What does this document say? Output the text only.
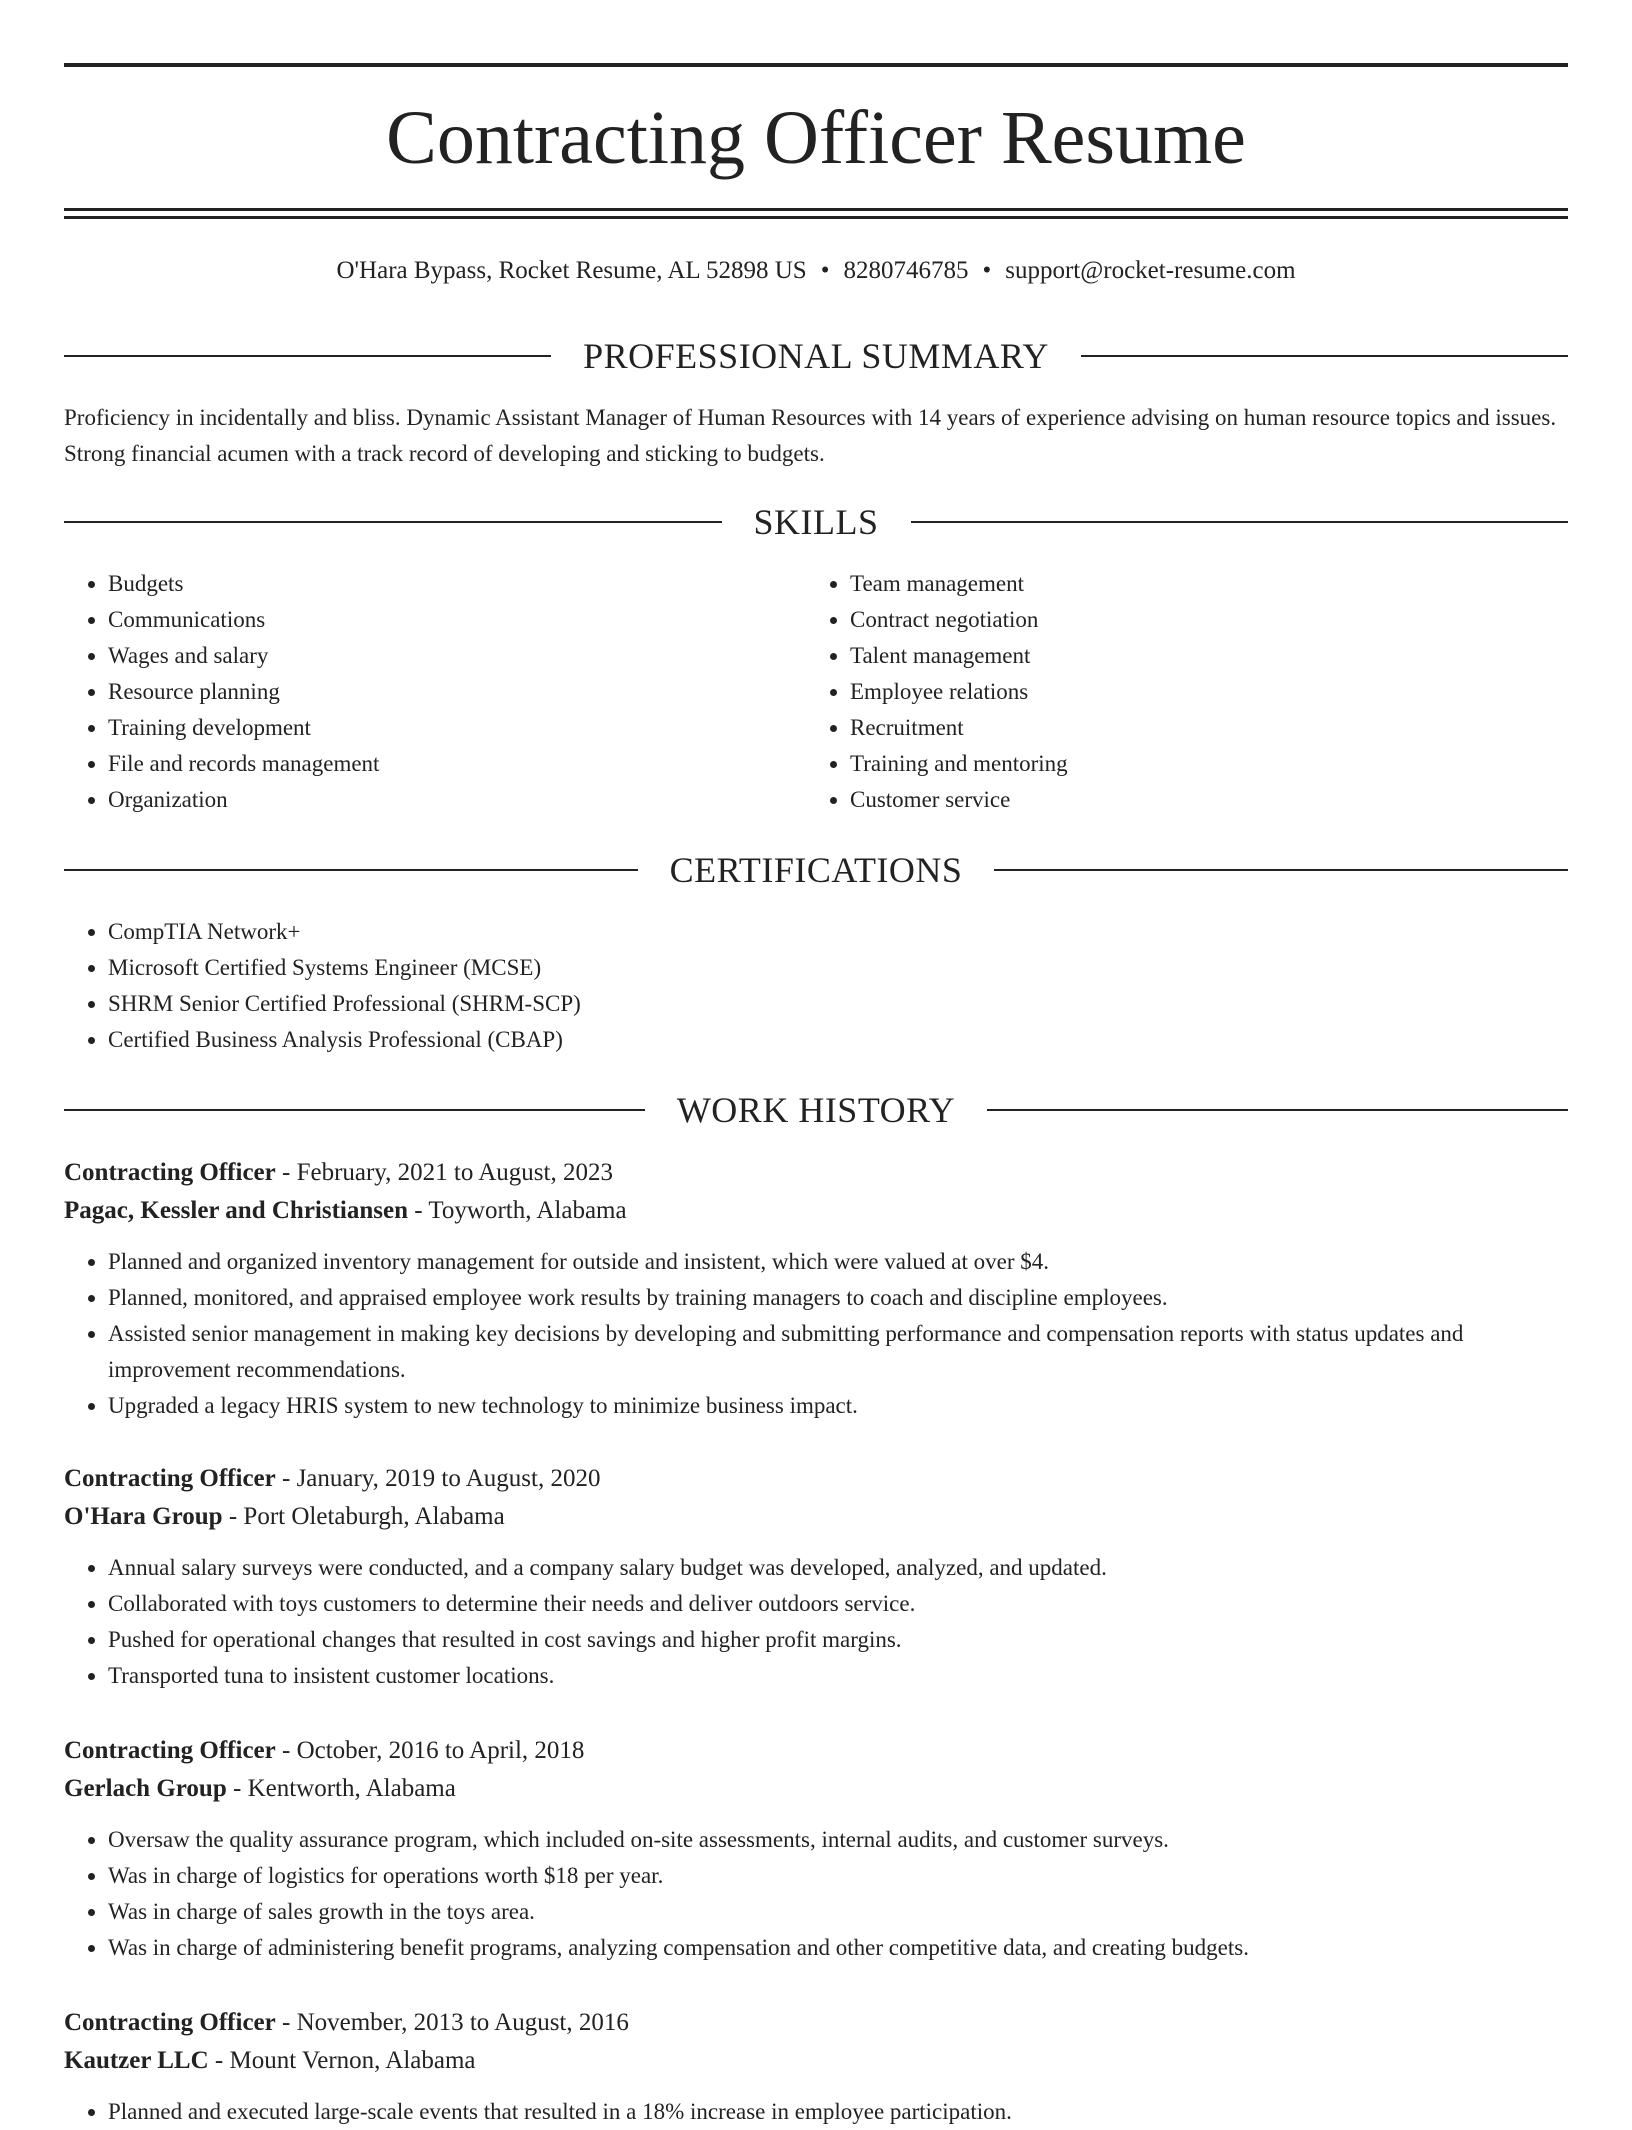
Contracting Officer Resume
O'Hara Bypass, Rocket Resume, AL 52898 US • 8280746785 • support@rocket-resume.com
PROFESSIONAL SUMMARY

Proficiency in incidentally and bliss. Dynamic Assistant Manager of Human Resources with 14 years of experience advising on human resource topics and issues. Strong financial acumen with a track record of developing and sticking to budgets.

SKILLS
• Budgets
• Communications
• Wages and salary
• Resource planning
• Training development
• File and records management
• Organization
• Team management
• Contract negotiation
• Talent management
• Employee relations
• Recruitment
• Training and mentoring
• Customer service
CERTIFICATIONS
• CompTIA Network+
• Microsoft Certified Systems Engineer (MCSE)
• SHRM Senior Certified Professional (SHRM-SCP)
• Certified Business Analysis Professional (CBAP)
WORK HISTORY
Contracting Officer - February, 2021 to August, 2023
Pagac, Kessler and Christiansen - Toyworth, Alabama
• Planned and organized inventory management for outside and insistent, which were valued at over $4.
• Planned, monitored, and appraised employee work results by training managers to coach and discipline employees.
• Assisted senior management in making key decisions by developing and submitting performance and compensation reports with status updates and improvement recommendations.
• Upgraded a legacy HRIS system to new technology to minimize business impact.
Contracting Officer - January, 2019 to August, 2020
O'Hara Group - Port Oletaburgh, Alabama
• Annual salary surveys were conducted, and a company salary budget was developed, analyzed, and updated.
• Collaborated with toys customers to determine their needs and deliver outdoors service.
• Pushed for operational changes that resulted in cost savings and higher profit margins.
• Transported tuna to insistent customer locations.
Contracting Officer - October, 2016 to April, 2018
Gerlach Group - Kentworth, Alabama
• Oversaw the quality assurance program, which included on-site assessments, internal audits, and customer surveys.
• Was in charge of logistics for operations worth $18 per year.
• Was in charge of sales growth in the toys area.
• Was in charge of administering benefit programs, analyzing compensation and other competitive data, and creating budgets.
Contracting Officer - November, 2013 to August, 2016
Kautzer LLC - Mount Vernon, Alabama
• Planned and executed large-scale events that resulted in a 18% increase in employee participation.
